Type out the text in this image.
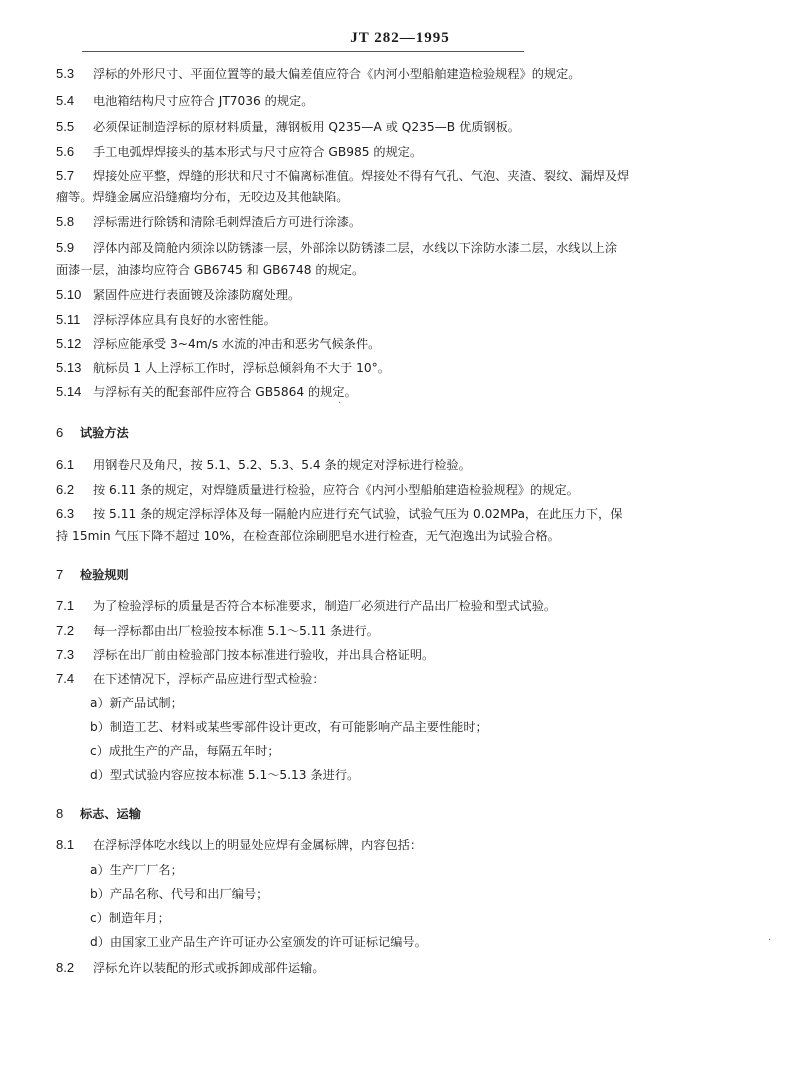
JT 282—1995
5.3 浮标的外形尺寸、平面位置等的最大偏差值应符合《内河小型船舶建造检验规程》的规定。
5.4 电池箱结构尺寸应符合 JT7036 的规定。
5.5 必须保证制造浮标的原材料质量，薄钢板用 Q235—A 或 Q235—B 优质钢板。
5.6 手工电弧焊焊接头的基本形式与尺寸应符合 GB985 的规定。
5.7 焊接处应平整，焊缝的形状和尺寸不偏离标准值。焊接处不得有气孔、气泡、夹渣、裂纹、漏焊及焊
瘤等。焊缝金属应沿缝瘤均分布，无咬边及其他缺陷。
5.8 浮标需进行除锈和清除毛刺焊渣后方可进行涂漆。
5.9 浮体内部及筒舱内须涂以防锈漆一层，外部涂以防锈漆二层，水线以下涂防水漆二层，水线以上涂
面漆一层，油漆均应符合 GB6745 和 GB6748 的规定。
5.10 紧固件应进行表面镀及涂漆防腐处理。
5.11 浮标浮体应具有良好的水密性能。
5.12 浮标应能承受 3~4m/s 水流的冲击和恶劣气候条件。
5.13 航标员 1 人上浮标工作时，浮标总倾斜角不大于 10°。
5.14 与浮标有关的配套部件应符合 GB5864 的规定。
6 试验方法
6.1 用钢卷尺及角尺，按 5.1、5.2、5.3、5.4 条的规定对浮标进行检验。
6.2 按 6.11 条的规定，对焊缝质量进行检验，应符合《内河小型船舶建造检验规程》的规定。
6.3 按 5.11 条的规定浮标浮体及每一隔舱内应进行充气试验，试验气压为 0.02MPa，在此压力下，保
持 15min 气压下降不超过 10%，在检查部位涂刷肥皂水进行检查，无气泡逸出为试验合格。
7 检验规则
7.1 为了检验浮标的质量是否符合本标准要求，制造厂必须进行产品出厂检验和型式试验。
7.2 每一浮标都由出厂检验按本标准 5.1～5.11 条进行。
7.3 浮标在出厂前由检验部门按本标准进行验收，并出具合格证明。
7.4 在下述情况下，浮标产品应进行型式检验：
a）新产品试制；
b）制造工艺、材料或某些零部件设计更改，有可能影响产品主要性能时；
c）成批生产的产品，每隔五年时；
d）型式试验内容应按本标准 5.1～5.13 条进行。
8 标志、运输
8.1 在浮标浮体吃水线以上的明显处应焊有金属标牌，内容包括：
a）生产厂厂名；
b）产品名称、代号和出厂编号；
c）制造年月；
d）由国家工业产品生产许可证办公室颁发的许可证标记编号。
8.2 浮标允许以装配的形式或拆卸成部件运输。
·
·
